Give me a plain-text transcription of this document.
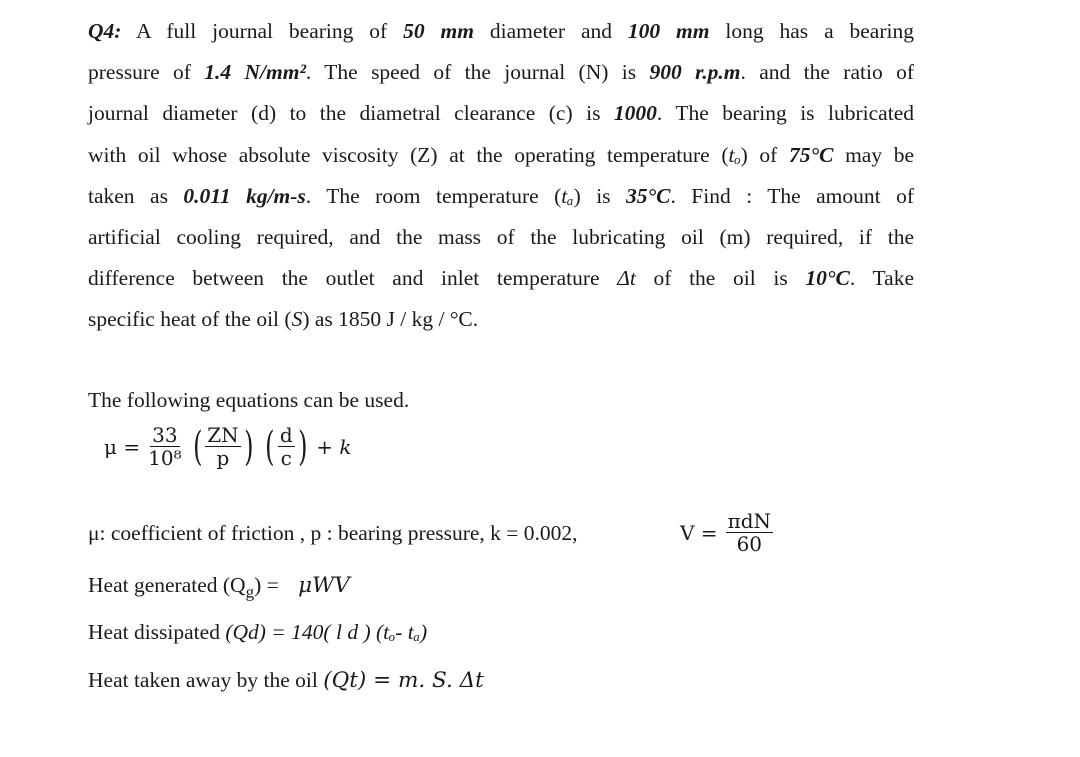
Q4: A full journal bearing of 50 mm diameter and 100 mm long has a bearing
pressure of 1.4 N/mm². The speed of the journal (N) is 900 r.p.m. and the ratio of
journal diameter (d) to the diametral clearance (c) is 1000. The bearing is lubricated
with oil whose absolute viscosity (Z) at the operating temperature (tₒ) of 75°C may be
taken as 0.011 kg/m-s. The room temperature (tₐ) is 35°C. Find : The amount of
artificial cooling required, and the mass of the lubricating oil (m) required, if the
difference between the outlet and inlet temperature Δt of the oil is 10°C. Take
specific heat of the oil (S) as 1850 J / kg / °C.
The following equations can be used.
$\mu = \frac{33}{\text{10⁸}}$ ( $\frac{ZN}{p}$ ) ( $\frac{d}{c}$ ) + k
μ: coefficient of friction , p : bearing pressure, k = 0.002,	$V = \frac{\text{πdN}}{60}$
Heat generated $(Q_g) = \mu WV$
Heat dissipated (Qd) = 140( l d ) (tₒ- tₐ)
Heat taken away by the oil (Qt) = m. S. Δt
